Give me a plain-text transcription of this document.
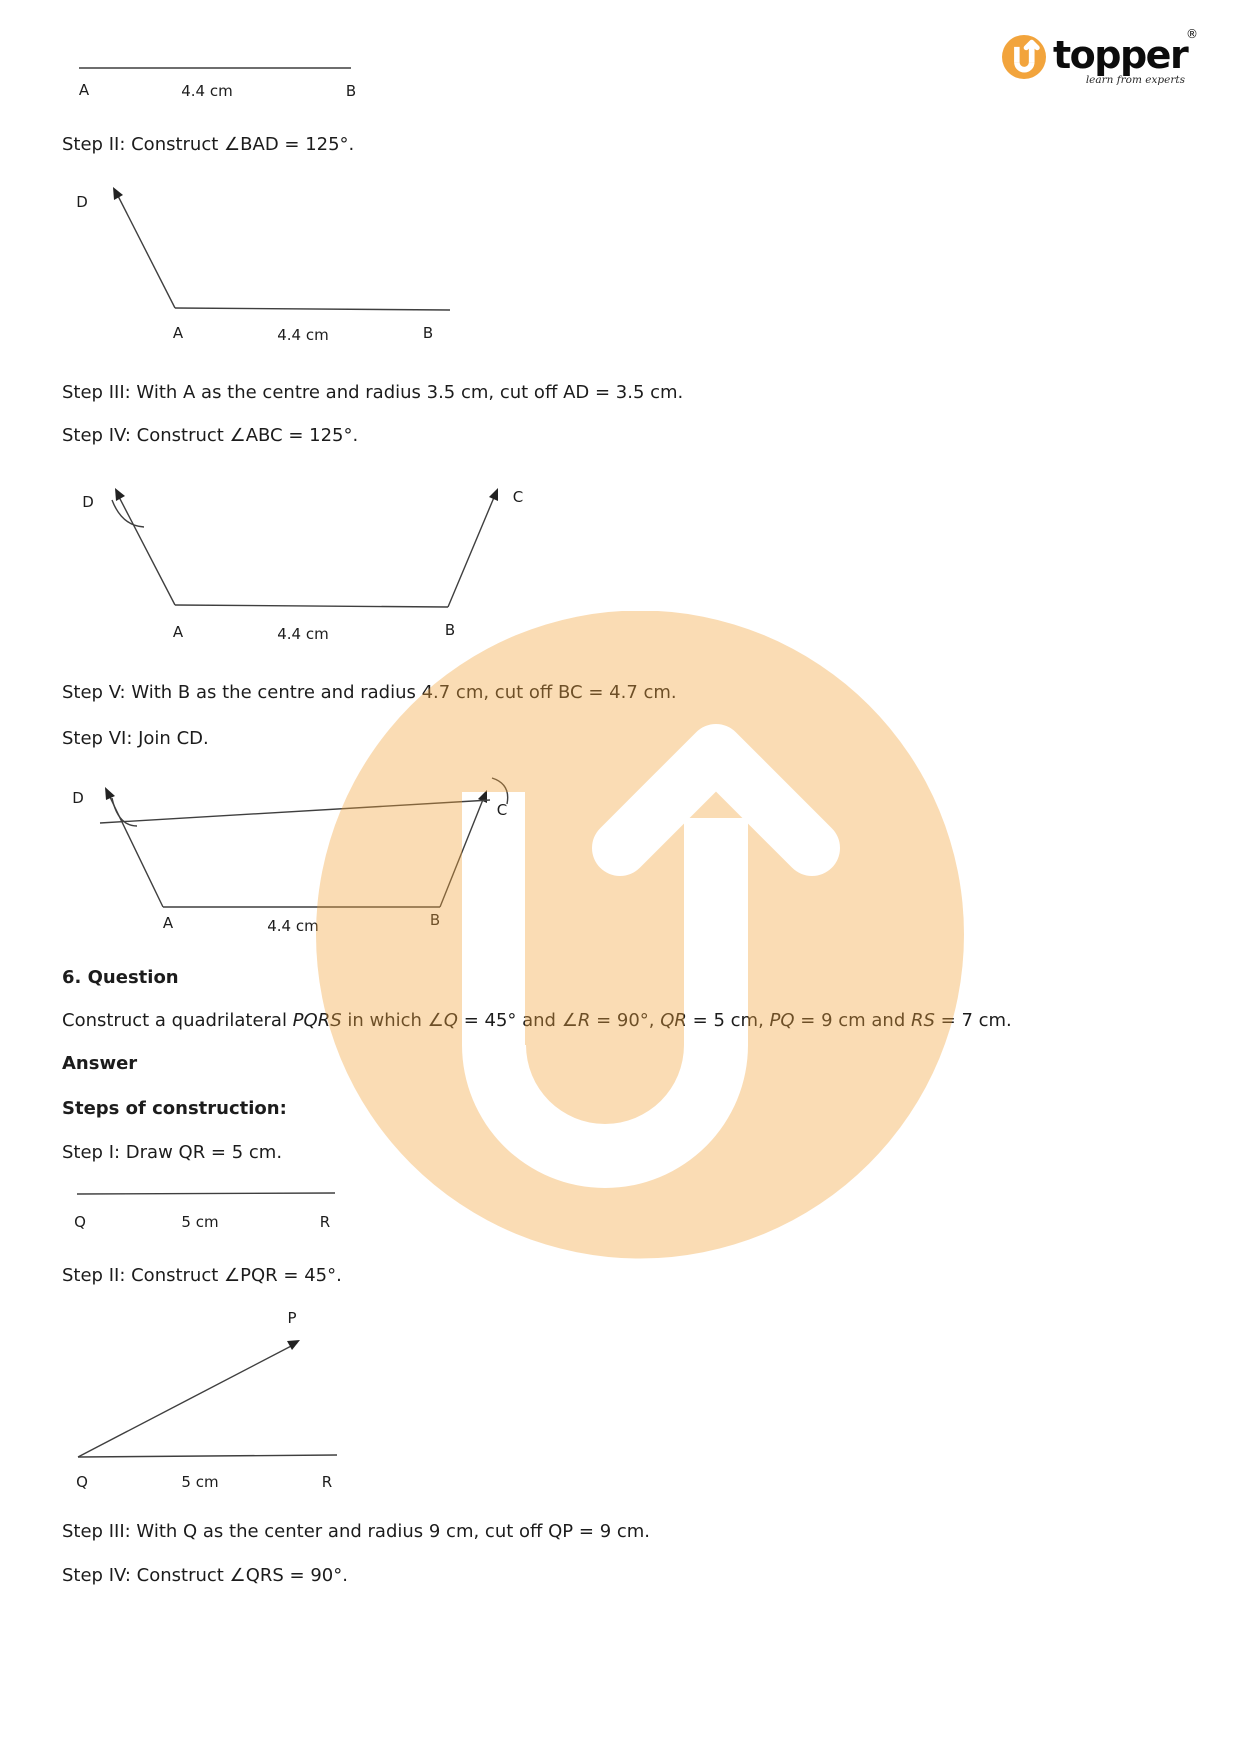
topper
®
learn from experts
A	4.4 cm	B
Step II: Construct ∠BAD = 125°.
D
A	4.4 cm	B
Step III: With A as the centre and radius 3.5 cm, cut off AD = 3.5 cm.
Step IV: Construct ∠ABC = 125°.
D	C
A	4.4 cm	B
Step V: With B as the centre and radius 4.7 cm, cut off BC = 4.7 cm.
Step VI: Join CD.
D
C
A	4.4 cm	B
6. Question
Construct a quadrilateral PQRS in which ∠Q = 45° and ∠R = 90°, QR = 5 cm, PQ = 9 cm and RS = 7 cm.
Answer
Steps of construction:
Step I: Draw QR = 5 cm.
Q	5 cm	R
Step II: Construct ∠PQR = 45°.
P
Q	5 cm	R
Step III: With Q as the center and radius 9 cm, cut off QP = 9 cm.
Step IV: Construct ∠QRS = 90°.
